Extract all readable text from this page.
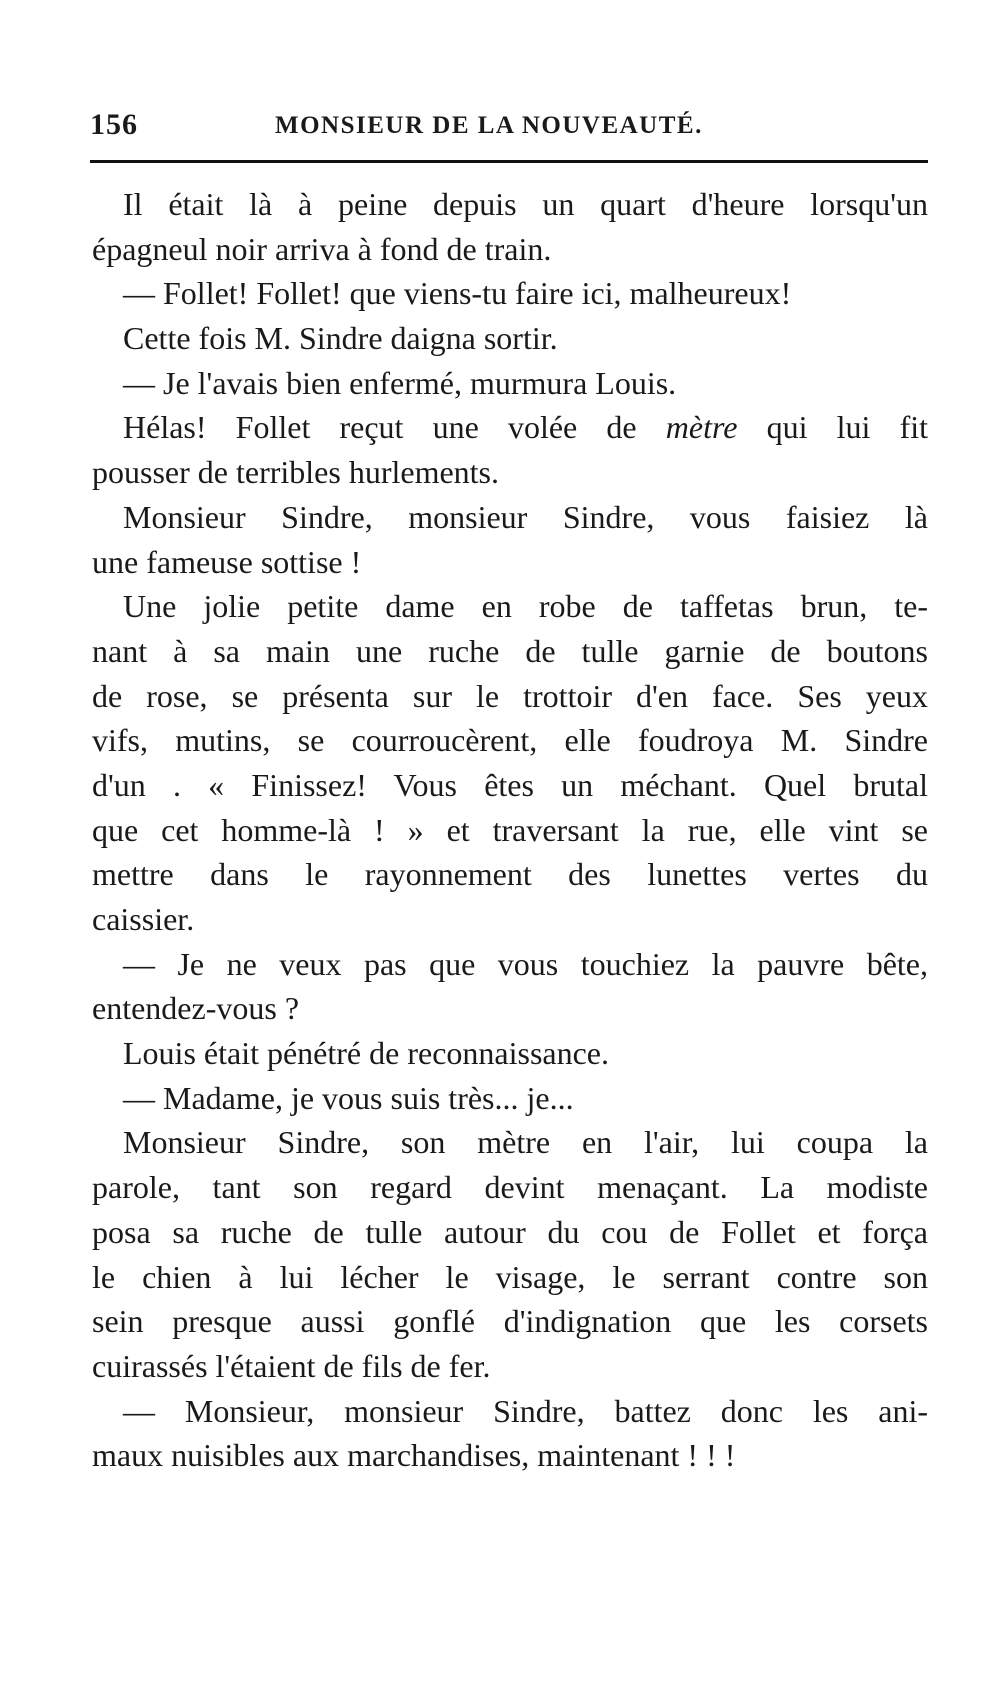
156	MONSIEUR DE LA NOUVEAUTÉ.
Il était là à peine depuis un quart d'heure lorsqu'un
épagneul noir arriva à fond de train.
— Follet! Follet! que viens-tu faire ici, malheureux!
Cette fois M. Sindre daigna sortir.
— Je l'avais bien enfermé, murmura Louis.
Hélas! Follet reçut une volée de mètre qui lui fit
pousser de terribles hurlements.
Monsieur Sindre, monsieur Sindre, vous faisiez là
une fameuse sottise !
Une jolie petite dame en robe de taffetas brun, te-
nant à sa main une ruche de tulle garnie de boutons
de rose, se présenta sur le trottoir d'en face. Ses yeux
vifs, mutins, se courroucèrent, elle foudroya M. Sindre
d'un . « Finissez! Vous êtes un méchant. Quel brutal
que cet homme-là ! » et traversant la rue, elle vint se
mettre dans le rayonnement des lunettes vertes du
caissier.
— Je ne veux pas que vous touchiez la pauvre bête,
entendez-vous ?
Louis était pénétré de reconnaissance.
— Madame, je vous suis très... je...
Monsieur Sindre, son mètre en l'air, lui coupa la
parole, tant son regard devint menaçant. La modiste
posa sa ruche de tulle autour du cou de Follet et força
le chien à lui lécher le visage, le serrant contre son
sein presque aussi gonflé d'indignation que les corsets
cuirassés l'étaient de fils de fer.
— Monsieur, monsieur Sindre, battez donc les ani-
maux nuisibles aux marchandises, maintenant ! ! !
